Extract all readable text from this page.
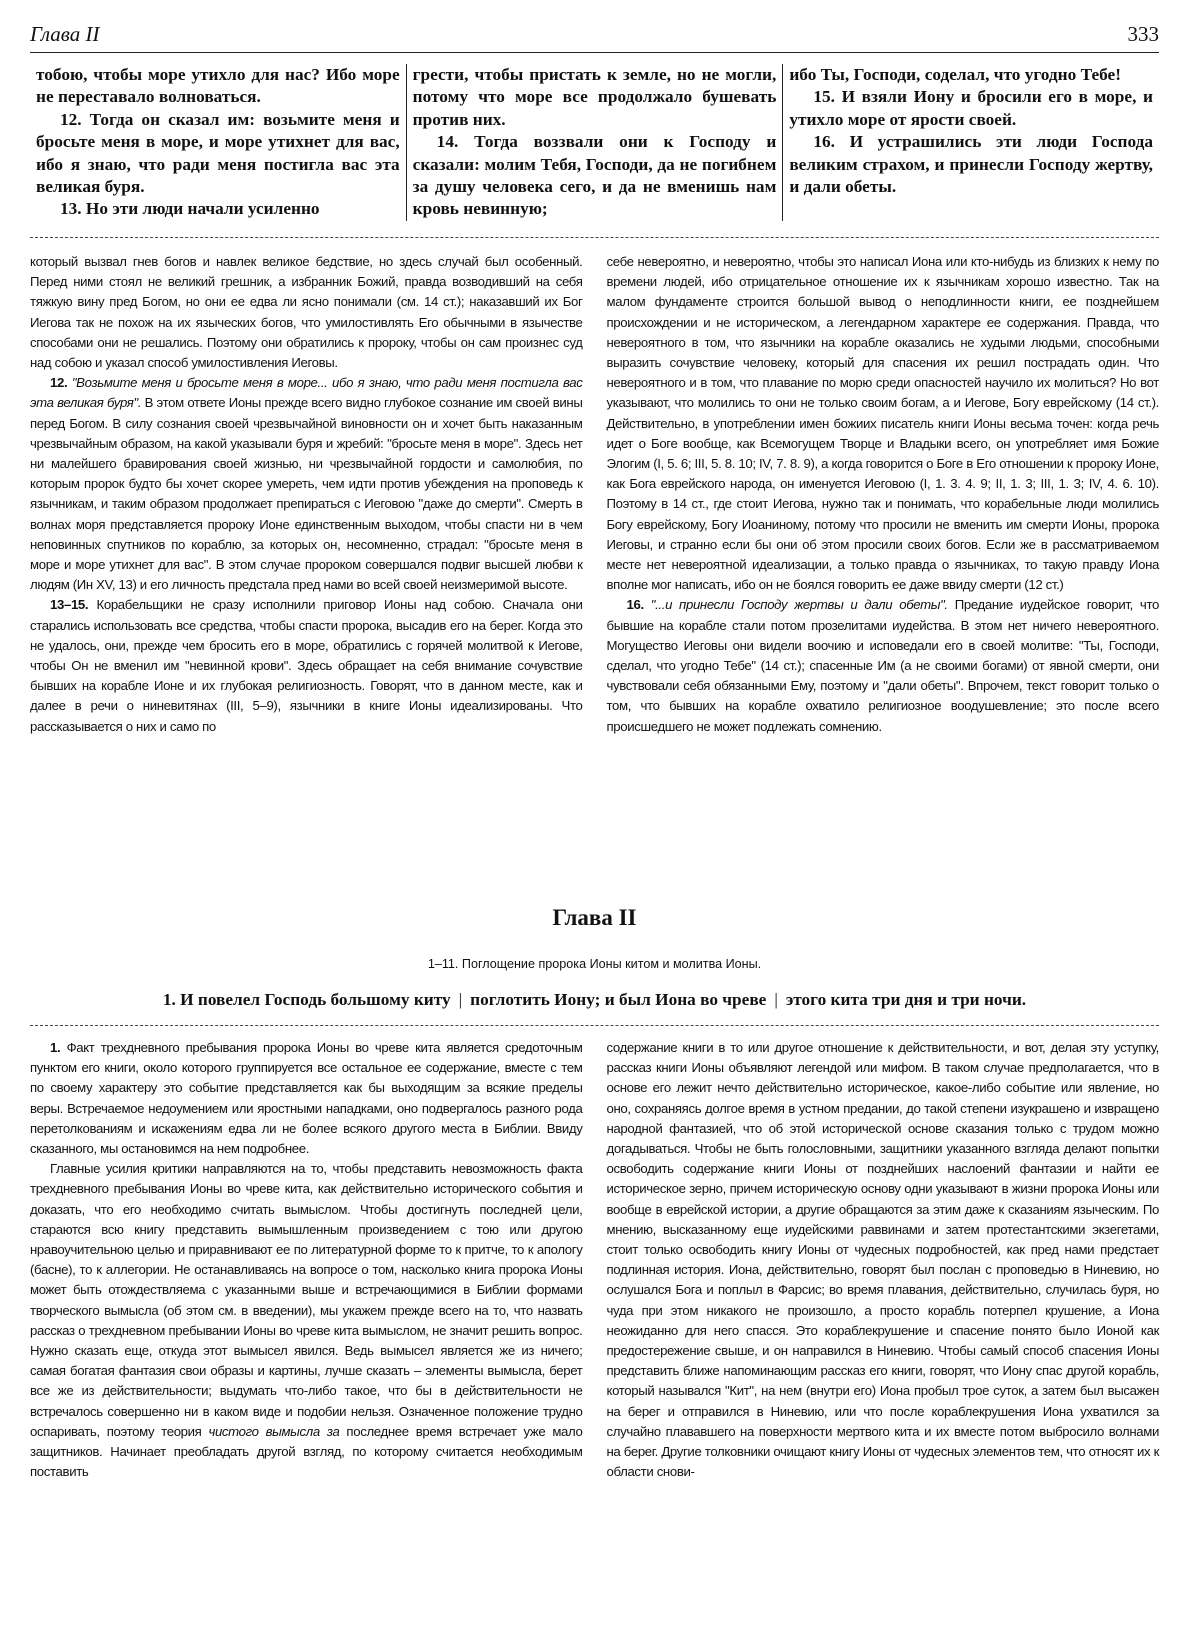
Глава II	333

тобою, чтобы море утихло для нас? Ибо море не переставало волноваться.

12. Тогда он сказал им: возьмите меня и бросьте меня в море, и море утихнет для вас, ибо я знаю, что ради меня постигла вас эта великая буря.

13. Но эти люди начали усиленно

грести, чтобы пристать к земле, но не могли, потому что море все продолжало бушевать против них.

14. Тогда воззвали они к Господу и сказали: молим Тебя, Господи, да не погибнем за душу человека сего, и да не вменишь нам кровь невинную;

ибо Ты, Господи, соделал, что угодно Тебе!

15. И взяли Иону и бросили его в море, и утихло море от ярости своей.

16. И устрашились эти люди Господа великим страхом, и принесли Господу жертву, и дали обеты.

который вызвал гнев богов и навлек великое бедствие, но здесь случай был особенный. Перед ними стоял не великий грешник, а избранник Божий, правда возводивший на себя тяжкую вину пред Богом, но они ее едва ли ясно понимали (см. 14 ст.); наказавший их Бог Иегова так не похож на их языческих богов, что умилостивлять Его обычными в язычестве способами они не решались. Поэтому они обратились к пророку, чтобы он сам произнес суд над собою и указал способ умилостивления Иеговы.

12. "Возьмите меня и бросьте меня в море... ибо я знаю, что ради меня постигла вас эта великая буря". В этом ответе Ионы прежде всего видно глубокое сознание им своей вины перед Богом. В силу сознания своей чрезвычайной виновности он и хочет быть наказанным чрезвычайным образом, на какой указывали буря и жребий: "бросьте меня в море". Здесь нет ни малейшего бравирования своей жизнью, ни чрезвычайной гордости и самолюбия, по которым пророк будто бы хочет скорее умереть, чем идти против убеждения на проповедь к язычникам, и таким образом продолжает препираться с Иеговою "даже до смерти". Смерть в волнах моря представляется пророку Ионе единственным выходом, чтобы спасти ни в чем неповинных спутников по кораблю, за которых он, несомненно, страдал: "бросьте меня в море и море утихнет для вас". В этом случае пророком совершался подвиг высшей любви к людям (Ин XV, 13) и его личность предстала пред нами во всей своей неизмеримой высоте.

13–15. Корабельщики не сразу исполнили приговор Ионы над собою. Сначала они старались использовать все средства, чтобы спасти пророка, высадив его на берег. Когда это не удалось, они, прежде чем бросить его в море, обратились с горячей молитвой к Иегове, чтобы Он не вменил им "невинной крови". Здесь обращает на себя внимание сочувствие бывших на корабле Ионе и их глубокая религиозность. Говорят, что в данном месте, как и далее в речи о ниневитянах (III, 5–9), язычники в книге Ионы идеализированы. Что рассказывается о них и само по

себе невероятно, и невероятно, чтобы это написал Иона или кто-нибудь из близких к нему по времени людей, ибо отрицательное отношение их к язычникам хорошо известно. Так на малом фундаменте строится большой вывод о неподлинности книги, ее позднейшем происхождении и не историческом, а легендарном характере ее содержания. Правда, что невероятного в том, что язычники на корабле оказались не худыми людьми, способными выразить сочувствие человеку, который для спасения их решил пострадать один. Что невероятного и в том, что плавание по морю среди опасностей научило их молиться? Но вот указывают, что молились то они не только своим богам, а и Иегове, Богу еврейскому (14 ст.). Действительно, в употреблении имен божиих писатель книги Ионы весьма точен: когда речь идет о Боге вообще, как Всемогущем Творце и Владыки всего, он употребляет имя Божие Элогим (I, 5. 6; III, 5. 8. 10; IV, 7. 8. 9), а когда говорится о Боге в Его отношении к пророку Ионе, как Бога еврейского народа, он именуется Иеговою (I, 1. 3. 4. 9; II, 1. 3; III, 1. 3; IV, 4. 6. 10). Поэтому в 14 ст., где стоит Иегова, нужно так и понимать, что корабельные люди молились Богу еврейскому, Богу Иоаниному, потому что просили не вменить им смерти Ионы, пророка Иеговы, и странно если бы они об этом просили своих богов. Если же в рассматриваемом месте нет невероятной идеализации, а только правда о язычниках, то такую правду Иона вполне мог написать, ибо он не боялся говорить ее даже ввиду смерти (12 ст.)

16. "...и принесли Господу жертвы и дали обеты". Предание иудейское говорит, что бывшие на корабле стали потом прозелитами иудейства. В этом нет ничего невероятного. Могущество Иеговы они видели воочию и исповедали его в своей молитве: "Ты, Господи, сделал, что угодно Тебе" (14 ст.); спасенные Им (а не своими богами) от явной смерти, они чувствовали себя обязанными Ему, поэтому и "дали обеты". Впрочем, текст говорит только о том, что бывших на корабле охватило религиозное воодушевление; это после всего происшедшего не может подлежать сомнению.

Глава II
1–11. Поглощение пророка Ионы китом и молитва Ионы.
1. И повелел Господь большому киту | поглотить Иону; и был Иона во чреве | этого кита три дня и три ночи.

1. Факт трехдневного пребывания пророка Ионы во чреве кита является средоточным пунктом его книги, около которого группируется все остальное ее содержание, вместе с тем по своему характеру это событие представляется как бы выходящим за всякие пределы веры. Встречаемое недоумением или яростными нападками, оно подвергалось разного рода перетолкованиям и искажениям едва ли не более всякого другого места в Библии. Ввиду сказанного, мы остановимся на нем подробнее.

Главные усилия критики направляются на то, чтобы представить невозможность факта трехдневного пребывания Ионы во чреве кита, как действительно исторического события и доказать, что его необходимо считать вымыслом. Чтобы достигнуть последней цели, стараются всю книгу представить вымышленным произведением с тою или другою нравоучительною целью и приравнивают ее по литературной форме то к притче, то к апологу (басне), то к аллегории. Не останавливаясь на вопросе о том, насколько книга пророка Ионы может быть отождествляема с указанными выше и встречающимися в Библии формами творческого вымысла (об этом см. в введении), мы укажем прежде всего на то, что назвать рассказ о трехдневном пребывании Ионы во чреве кита вымыслом, не значит решить вопрос. Нужно сказать еще, откуда этот вымысел явился. Ведь вымысел является же из ничего; самая богатая фантазия свои образы и картины, лучше сказать – элементы вымысла, берет все же из действительности; выдумать что-либо такое, что бы в действительности не встречалось совершенно ни в каком виде и подобии нельзя. Означенное положение трудно оспаривать, поэтому теория чистого вымысла за последнее время встречает уже мало защитников. Начинает преобладать другой взгляд, по которому считается необходимым поставить

содержание книги в то или другое отношение к действительности, и вот, делая эту уступку, рассказ книги Ионы объявляют легендой или мифом. В таком случае предполагается, что в основе его лежит нечто действительно историческое, какое-либо событие или явление, но оно, сохраняясь долгое время в устном предании, до такой степени изукрашено и извращено народной фантазией, что об этой исторической основе сказания только с трудом можно догадываться. Чтобы не быть голословными, защитники указанного взгляда делают попытки освободить содержание книги Ионы от позднейших наслоений фантазии и найти ее историческое зерно, причем историческую основу одни указывают в жизни пророка Ионы или вообще в еврейской истории, а другие обращаются за этим даже к сказаниям языческим. По мнению, высказанному еще иудейскими раввинами и затем протестантскими экзегетами, стоит только освободить книгу Ионы от чудесных подробностей, как пред нами предстает подлинная история. Иона, действительно, говорят был послан с проповедью в Ниневию, но ослушался Бога и поплыл в Фарсис; во время плавания, действительно, случилась буря, но чуда при этом никакого не произошло, а просто корабль потерпел крушение, а Иона неожиданно для него спасся. Это кораблекрушение и спасение понято было Ионой как предостережение свыше, и он направился в Ниневию. Чтобы самый способ спасения Ионы представить ближе напоминающим рассказ его книги, говорят, что Иону спас другой корабль, который назывался "Кит", на нем (внутри его) Иона пробыл трое суток, а затем был высажен на берег и отправился в Ниневию, или что после кораблекрушения Иона ухватился за случайно плававшего на поверхности мертвого кита и их вместе потом выбросило волнами на берег. Другие толковники очищают книгу Ионы от чудесных элементов тем, что относят их к области снови-
